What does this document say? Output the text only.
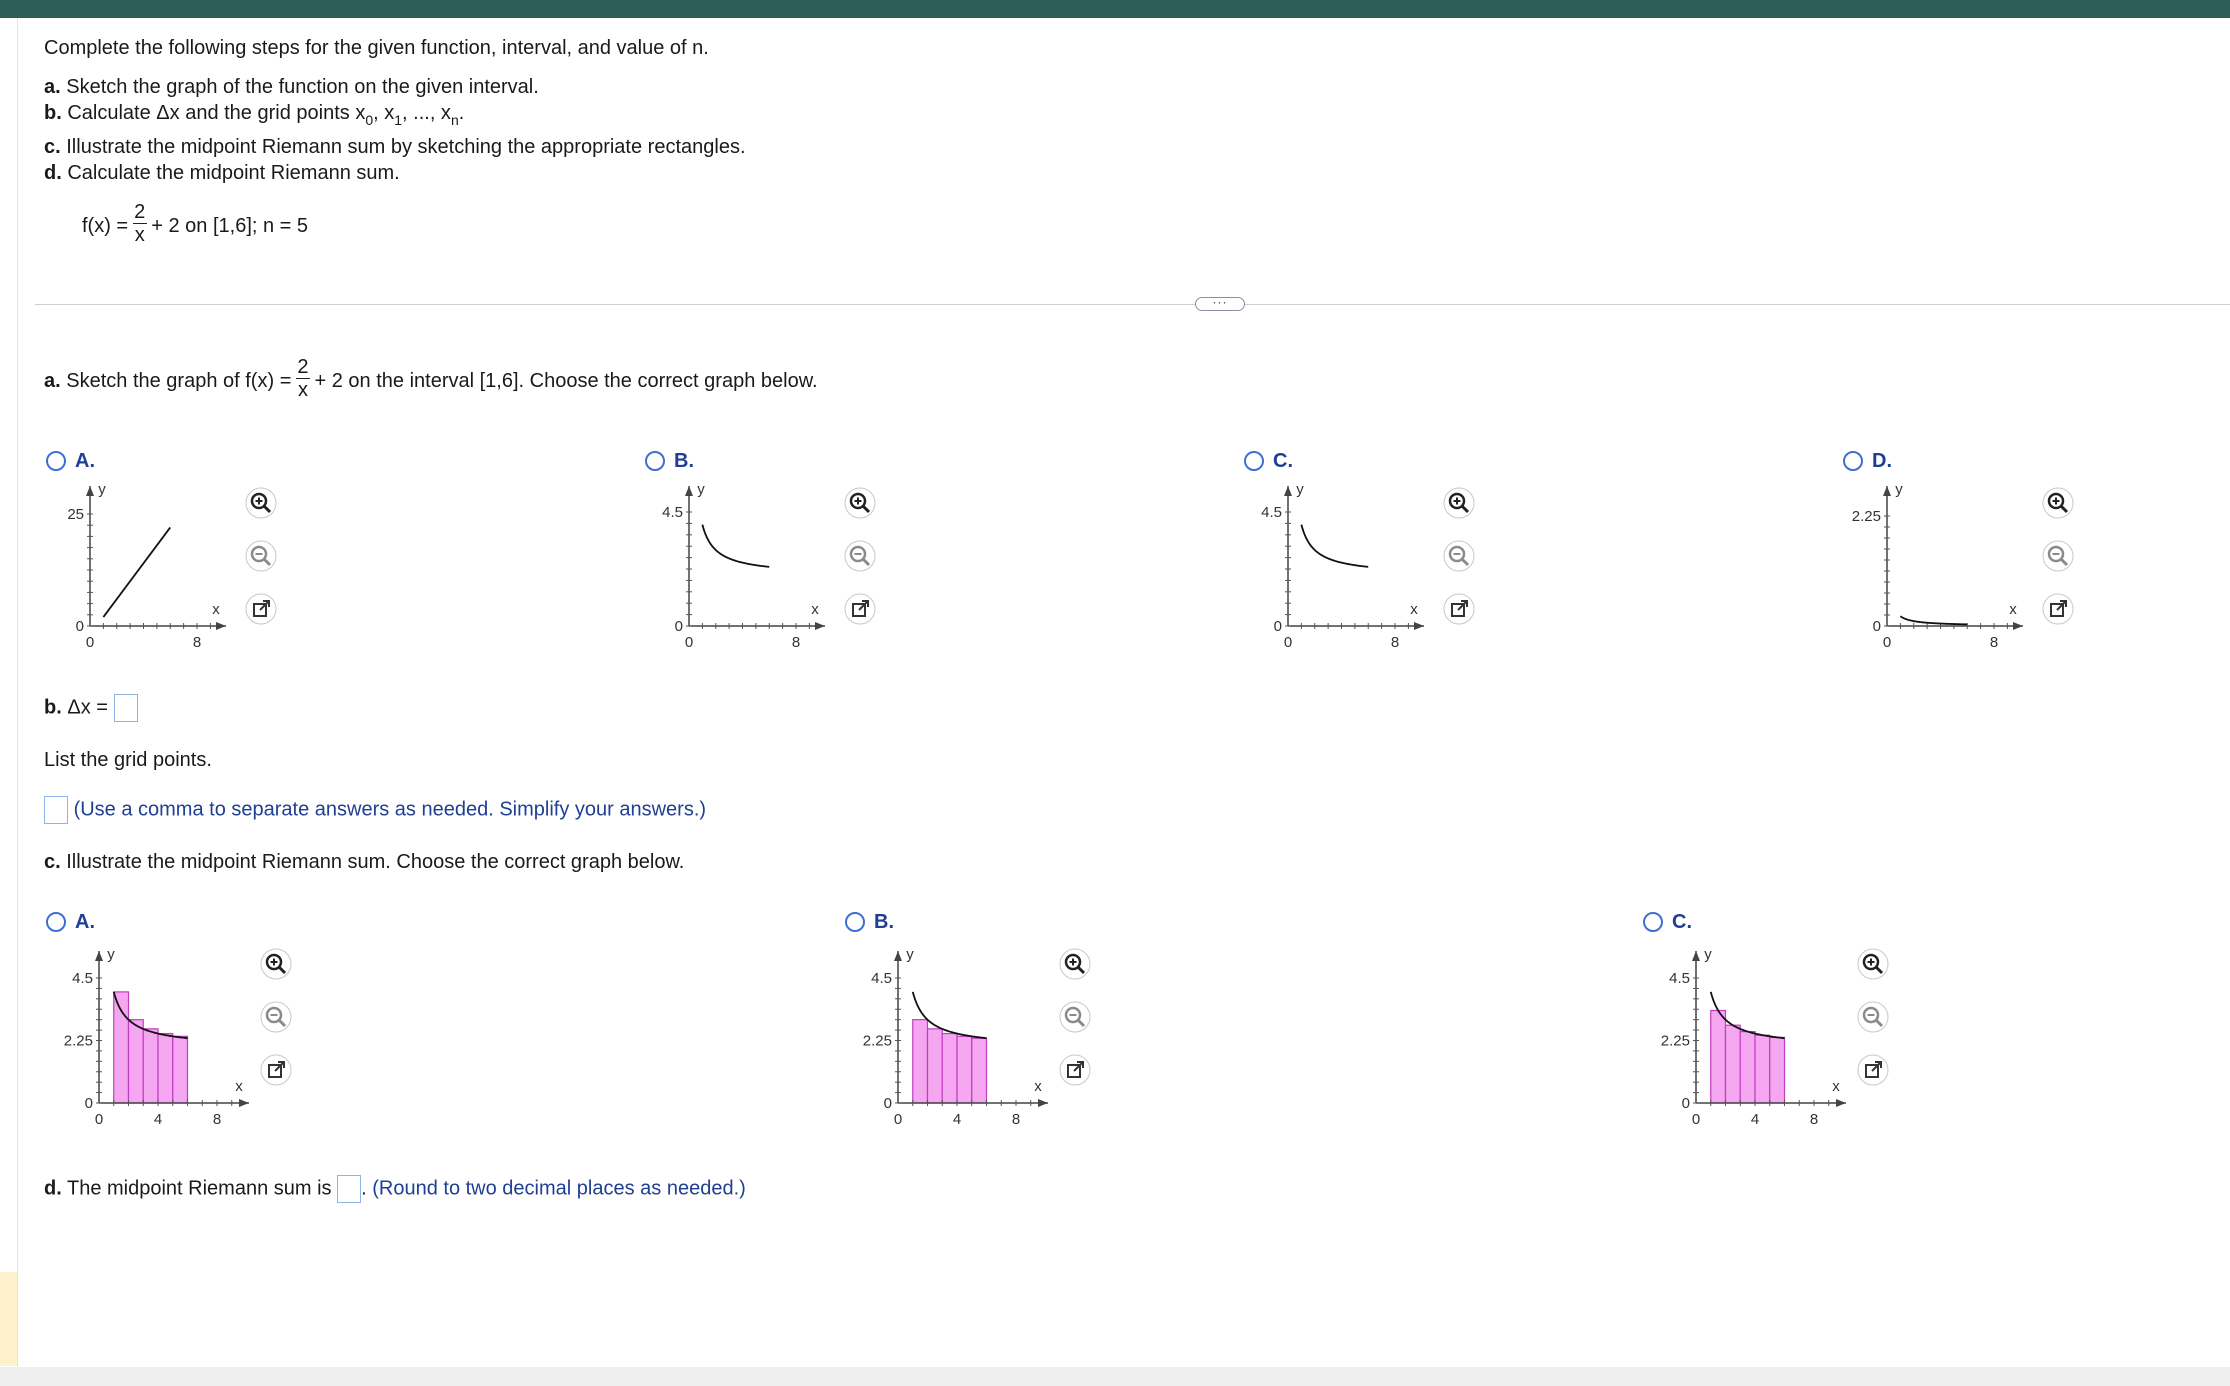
Complete the following steps for the given function, interval, and value of n.
a. Sketch the graph of the function on the given interval.
b. Calculate Δx and the grid points $x_0$, $x_1$, ..., $x_n$.
c. Illustrate the midpoint Riemann sum by sketching the appropriate rectangles.
d. Calculate the midpoint Riemann sum.
$f(x) = \frac{2}{x} + 2$ on [1,6]; n = 5
···
a. Sketch the graph of $f(x) = \frac{2}{x} + 2$ on the interval [1,6]. Choose the correct graph below.
A.
25
0
0	8
x
y
B.
4.5
0
0	8
x
y
C.
4.5
0
0	8
x
y
D.
2.25
0
0	8
x
y
b. Δx =
List the grid points.
(Use a comma to separate answers as needed. Simplify your answers.)
c. Illustrate the midpoint Riemann sum. Choose the correct graph below.
A.
4.5
2.25
0
0	4	8
x
y
B.
4.5
2.25
0
0	4	8
x
y
C.
4.5
2.25
0
0	4	8
x
y
d. The midpoint Riemann sum is . (Round to two decimal places as needed.)
